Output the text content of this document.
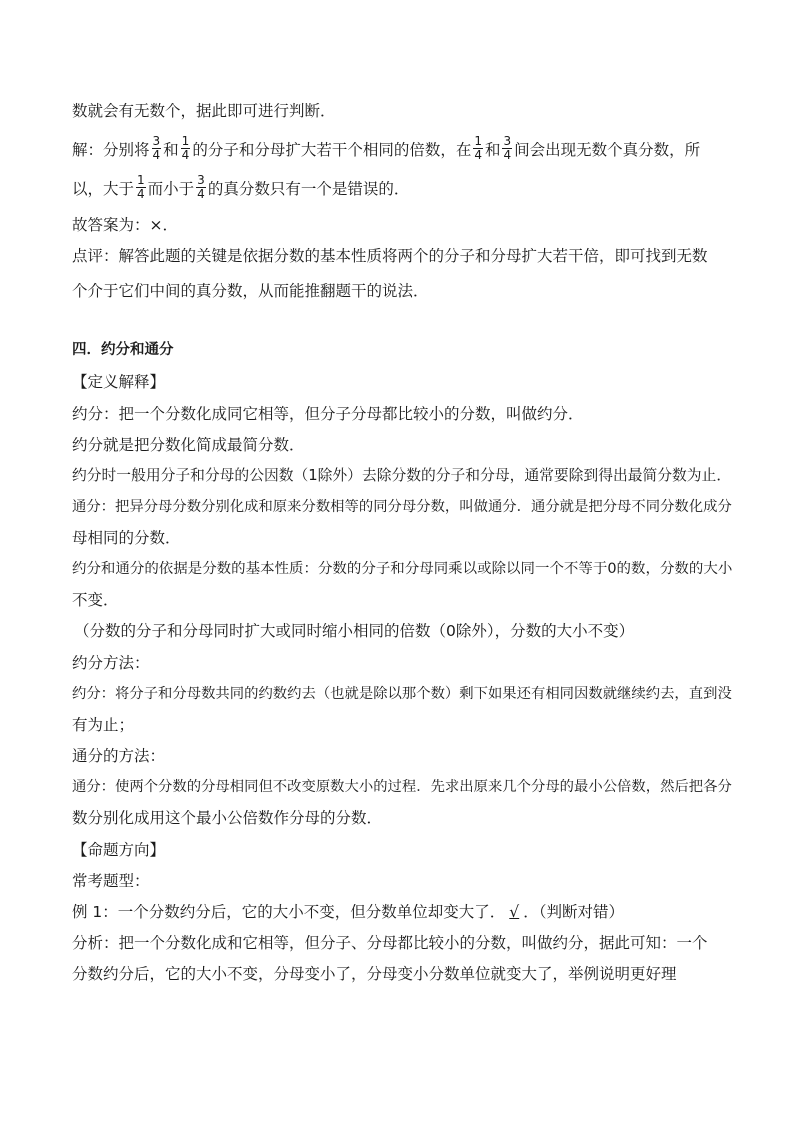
数就会有无数个，据此即可进行判断．
解：分别将 $\frac{3}{4}$ 和 $\frac{1}{4}$ 的分子和分母扩大若干个相同的倍数，在 $\frac{1}{4}$ 和 $\frac{3}{4}$ 间会出现无数个真分数，所
以，大于 $\frac{1}{4}$ 而小于 $\frac{3}{4}$ 的真分数只有一个是错误的．
故答案为：×．
点评：解答此题的关键是依据分数的基本性质将两个的分子和分母扩大若干倍，即可找到无数
个介于它们中间的真分数，从而能推翻题干的说法．
四．约分和通分
【定义解释】
约分：把一个分数化成同它相等，但分子分母都比较小的分数，叫做约分．
约分就是把分数化简成最简分数．
约分时一般用分子和分母的公因数（1除外）去除分数的分子和分母，通常要除到得出最简分数为止．
通分：把异分母分数分别化成和原来分数相等的同分母分数，叫做通分．通分就是把分母不同分数化成分
母相同的分数．
约分和通分的依据是分数的基本性质：分数的分子和分母同乘以或除以同一个不等于0的数，分数的大小
不变．
（分数的分子和分母同时扩大或同时缩小相同的倍数（0除外），分数的大小不变）
约分方法：
约分：将分子和分母数共同的约数约去（也就是除以那个数）剩下如果还有相同因数就继续约去，直到没
有为止；
通分的方法：
通分：使两个分数的分母相同但不改变原数大小的过程．先求出原来几个分母的最小公倍数，然后把各分
数分别化成用这个最小公倍数作分母的分数．
【命题方向】
常考题型：
例 1：一个分数约分后，它的大小不变，但分数单位却变大了． √ ．（判断对错）
分析：把一个分数化成和它相等，但分子、分母都比较小的分数，叫做约分，据此可知：一个
分数约分后，它的大小不变，分母变小了，分母变小分数单位就变大了，举例说明更好理
